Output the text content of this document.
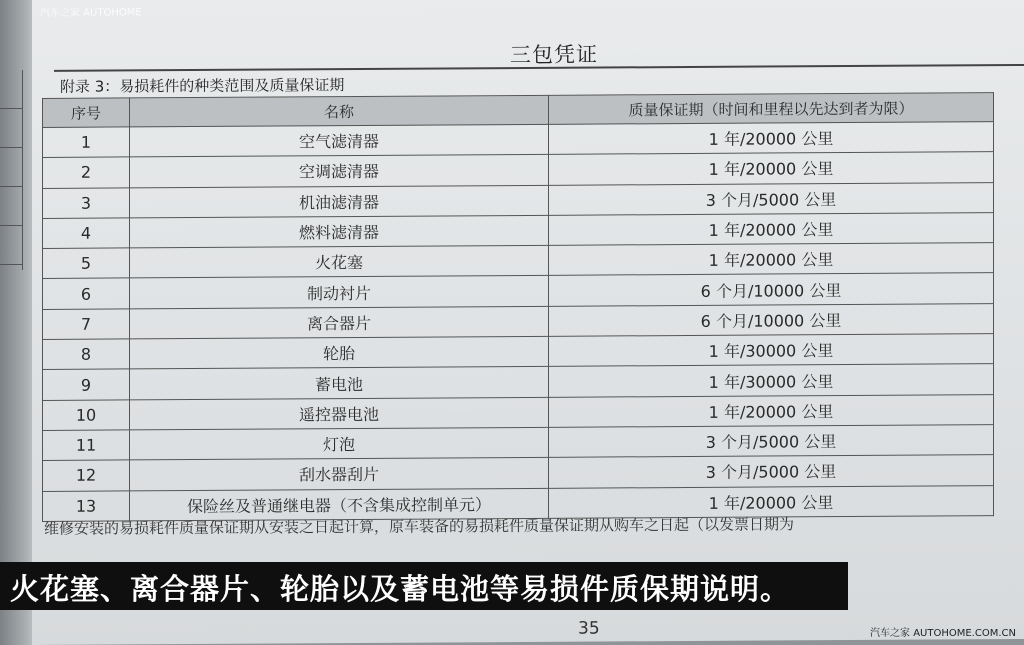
汽车之家 AUTOHOME
三包凭证
附录 3：易损耗件的种类范围及质量保证期
序号	名称	质量保证期（时间和里程以先达到者为限）
1	空气滤清器	1 年/20000 公里
2	空调滤清器	1 年/20000 公里
3	机油滤清器	3 个月/5000 公里
4	燃料滤清器	1 年/20000 公里
5	火花塞	1 年/20000 公里
6	制动衬片	6 个月/10000 公里
7	离合器片	6 个月/10000 公里
8	轮胎	1 年/30000 公里
9	蓄电池	1 年/30000 公里
10	遥控器电池	1 年/20000 公里
11	灯泡	3 个月/5000 公里
12	刮水器刮片	3 个月/5000 公里
13	保险丝及普通继电器（不含集成控制单元）	1 年/20000 公里
维修安装的易损耗件质量保证期从安装之日起计算，原车装备的易损耗件质量保证期从购车之日起（以发票日期为
35
火花塞、离合器片、轮胎以及蓄电池等易损件质保期说明。
汽车之家 AUTOHOME.COM.CN
